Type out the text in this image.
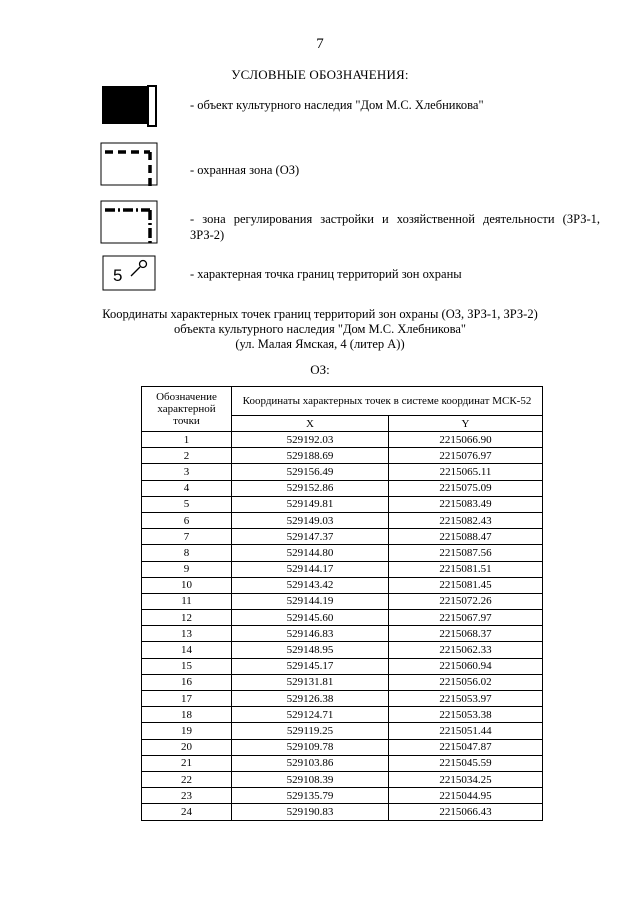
7
УСЛОВНЫЕ ОБОЗНАЧЕНИЯ:
- объект культурного наследия "Дом М.С. Хлебникова"
- охранная зона (ОЗ)
- зона регулирования застройки и хозяйственной деятельности (ЗРЗ-1, ЗРЗ-2)
5	- характерная точка границ территорий зон охраны
Координаты характерных точек границ территорий зон охраны (ОЗ, ЗРЗ-1, ЗРЗ-2)
объекта культурного наследия "Дом М.С. Хлебникова"
(ул. Малая Ямская, 4 (литер А))
ОЗ:
Обозначение характерной точки	Координаты характерных точек в системе координат МСК-52	
	X	Y
1	529192.03	2215066.90
2	529188.69	2215076.97
3	529156.49	2215065.11
4	529152.86	2215075.09
5	529149.81	2215083.49
6	529149.03	2215082.43
7	529147.37	2215088.47
8	529144.80	2215087.56
9	529144.17	2215081.51
10	529143.42	2215081.45
11	529144.19	2215072.26
12	529145.60	2215067.97
13	529146.83	2215068.37
14	529148.95	2215062.33
15	529145.17	2215060.94
16	529131.81	2215056.02
17	529126.38	2215053.97
18	529124.71	2215053.38
19	529119.25	2215051.44
20	529109.78	2215047.87
21	529103.86	2215045.59
22	529108.39	2215034.25
23	529135.79	2215044.95
24	529190.83	2215066.43
